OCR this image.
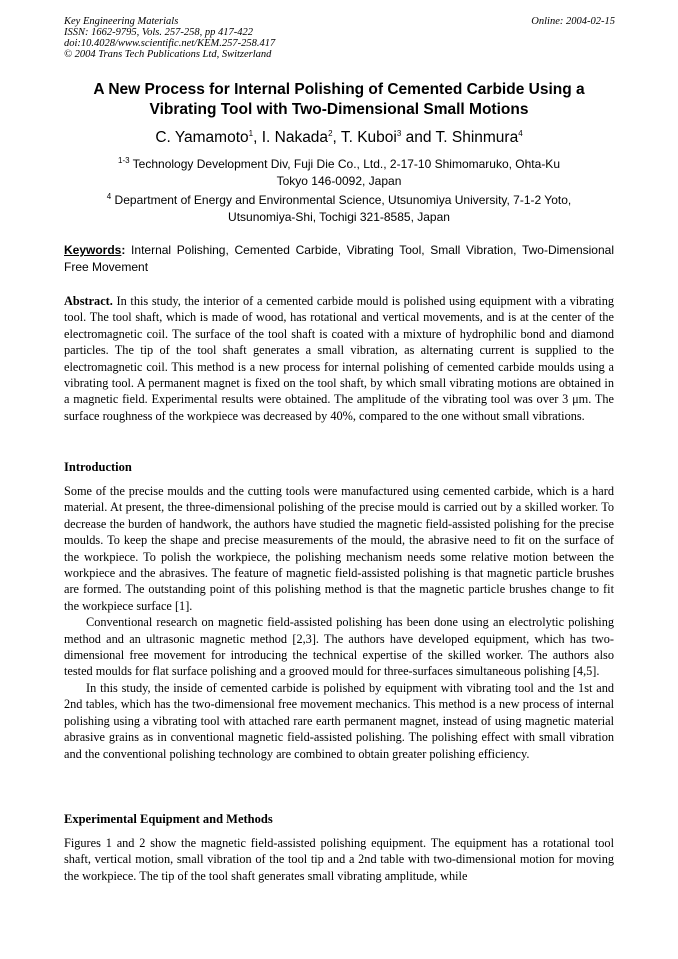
Key Engineering Materials
ISSN: 1662-9795, Vols. 257-258, pp 417-422
doi:10.4028/www.scientific.net/KEM.257-258.417
© 2004 Trans Tech Publications Ltd, Switzerland
Online: 2004-02-15
A New Process for Internal Polishing of Cemented Carbide Using a
Vibrating Tool with Two-Dimensional Small Motions
C. Yamamoto$^1$, I. Nakada$^2$, T. Kuboi$^3$ and T. Shinmura$^4$
$^{1-3}$ Technology Development Div, Fuji Die Co., Ltd., 2-17-10 Shimomaruko, Ohta-Ku
Tokyo 146-0092, Japan
$^4$ Department of Energy and Environmental Science, Utsunomiya University, 7-1-2 Yoto,
Utsunomiya-Shi, Tochigi 321-8585, Japan
Keywords: Internal Polishing, Cemented Carbide, Vibrating Tool, Small Vibration, Two-Dimensional Free Movement

Abstract. In this study, the interior of a cemented carbide mould is polished using equipment with a vibrating tool. The tool shaft, which is made of wood, has rotational and vertical movements, and is at the center of the electromagnetic coil. The surface of the tool shaft is coated with a mixture of hydrophilic bond and diamond particles. The tip of the tool shaft generates a small vibration, as alternating current is supplied to the electromagnetic coil. This method is a new process for internal polishing of cemented carbide moulds using a vibrating tool. A permanent magnet is fixed on the tool shaft, by which small vibrating motions are obtained in a magnetic field. Experimental results were obtained. The amplitude of the vibrating tool was over 3 μm. The surface roughness of the workpiece was decreased by 40%, compared to the one without small vibrations.

Introduction

Some of the precise moulds and the cutting tools were manufactured using cemented carbide, which is a hard material. At present, the three-dimensional polishing of the precise mould is carried out by a skilled worker. To decrease the burden of handwork, the authors have studied the magnetic field-assisted polishing for the precise moulds. To keep the shape and precise measurements of the mould, the abrasive need to fit on the surface of the workpiece. To polish the workpiece, the polishing mechanism needs some relative motion between the workpiece and the abrasives. The feature of magnetic field-assisted polishing is that magnetic particle brushes are formed. The outstanding point of this polishing method is that the magnetic particle brushes change to fit the workpiece surface [1].

Conventional research on magnetic field-assisted polishing has been done using an electrolytic polishing method and an ultrasonic magnetic method [2,3]. The authors have developed equipment, which has two-dimensional free movement for introducing the technical expertise of the skilled worker. The authors also tested moulds for flat surface polishing and a grooved mould for three-surfaces simultaneous polishing [4,5].

In this study, the inside of cemented carbide is polished by equipment with vibrating tool and the 1st and 2nd tables, which has the two-dimensional free movement mechanics. This method is a new process of internal polishing using a vibrating tool with attached rare earth permanent magnet, instead of using magnetic material abrasive grains as in conventional magnetic field-assisted polishing. The polishing effect with small vibration and the conventional polishing technology are combined to obtain greater polishing efficiency.

Experimental Equipment and Methods

Figures 1 and 2 show the magnetic field-assisted polishing equipment. The equipment has a rotational tool shaft, vertical motion, small vibration of the tool tip and a 2nd table with two-dimensional motion for moving the workpiece. The tip of the tool shaft generates small vibrating amplitude, while
